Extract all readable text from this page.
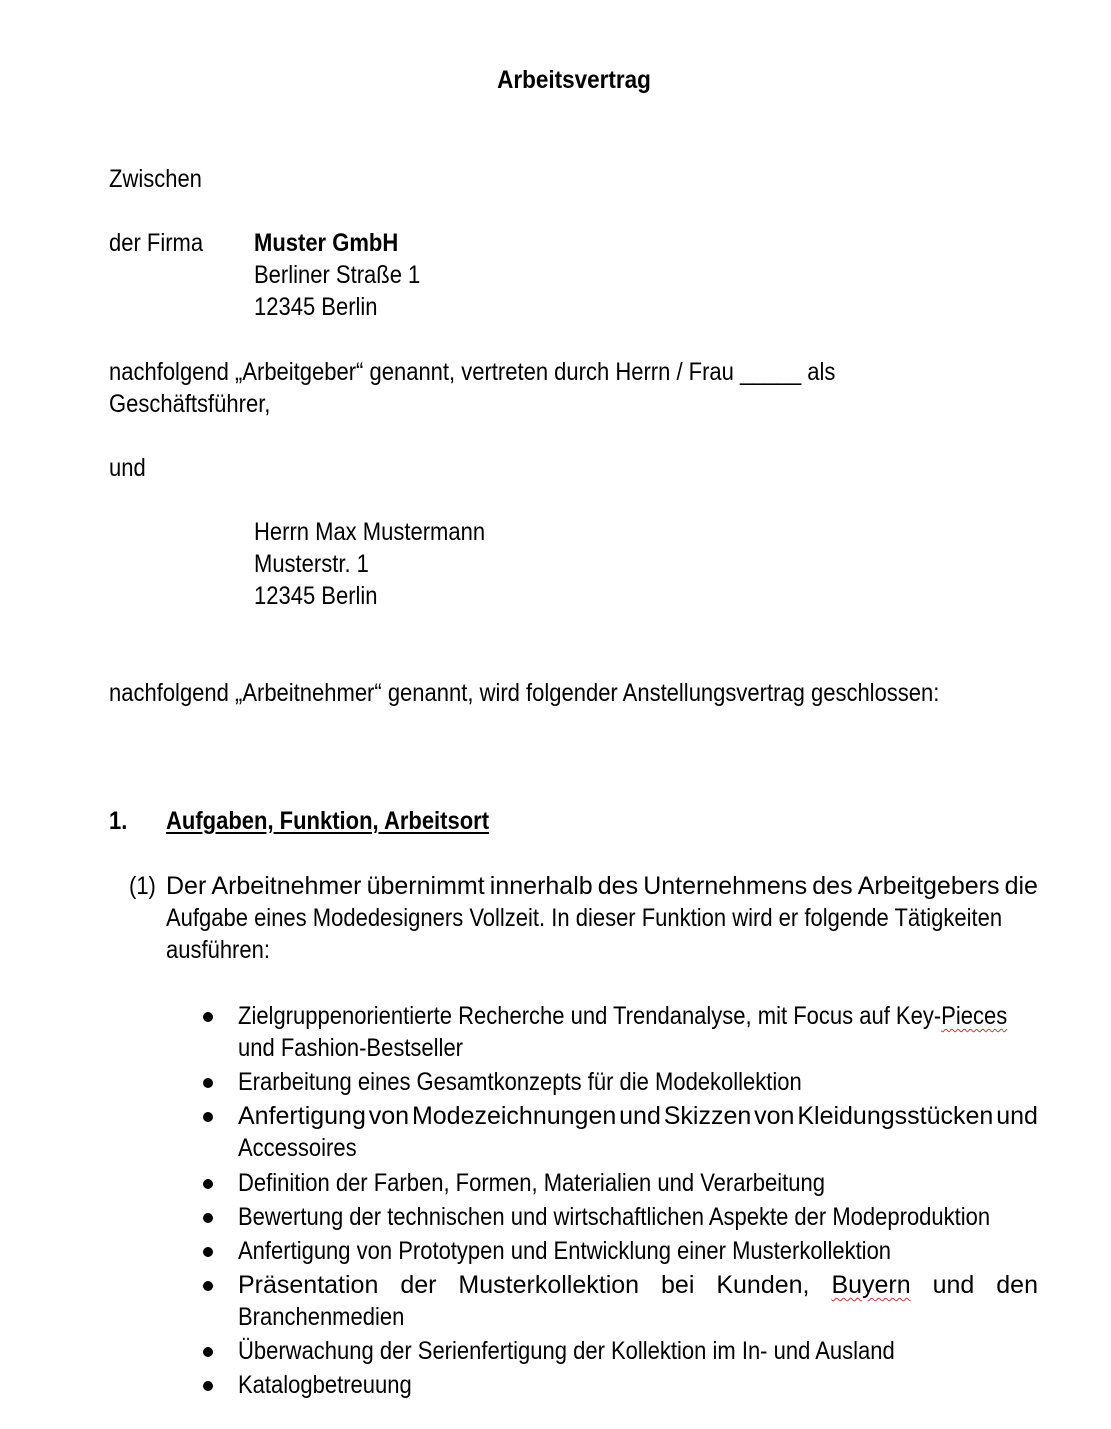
Arbeitsvertrag
Zwischen
der Firma Muster GmbH
Berliner Straße 1
12345 Berlin
nachfolgend „Arbeitgeber“ genannt, vertreten durch Herrn / Frau _____ als
Geschäftsführer,
und
Herrn Max Mustermann
Musterstr. 1
12345 Berlin
nachfolgend „Arbeitnehmer“ genannt, wird folgender Anstellungsvertrag geschlossen:
1. Aufgaben, Funktion, Arbeitsort
(1) Der Arbeitnehmer übernimmt innerhalb des Unternehmens des Arbeitgebers die
Aufgabe eines Modedesigners Vollzeit. In dieser Funktion wird er folgende Tätigkeiten
ausführen:
Zielgruppenorientierte Recherche und Trendanalyse, mit Focus auf Key-Pieces
und Fashion-Bestseller
Erarbeitung eines Gesamtkonzepts für die Modekollektion
Anfertigung von Modezeichnungen und Skizzen von Kleidungsstücken und
Accessoires
Definition der Farben, Formen, Materialien und Verarbeitung
Bewertung der technischen und wirtschaftlichen Aspekte der Modeproduktion
Anfertigung von Prototypen und Entwicklung einer Musterkollektion
Präsentation der Musterkollektion bei Kunden, Buyern und den
Branchenmedien
Überwachung der Serienfertigung der Kollektion im In- und Ausland
Katalogbetreuung
